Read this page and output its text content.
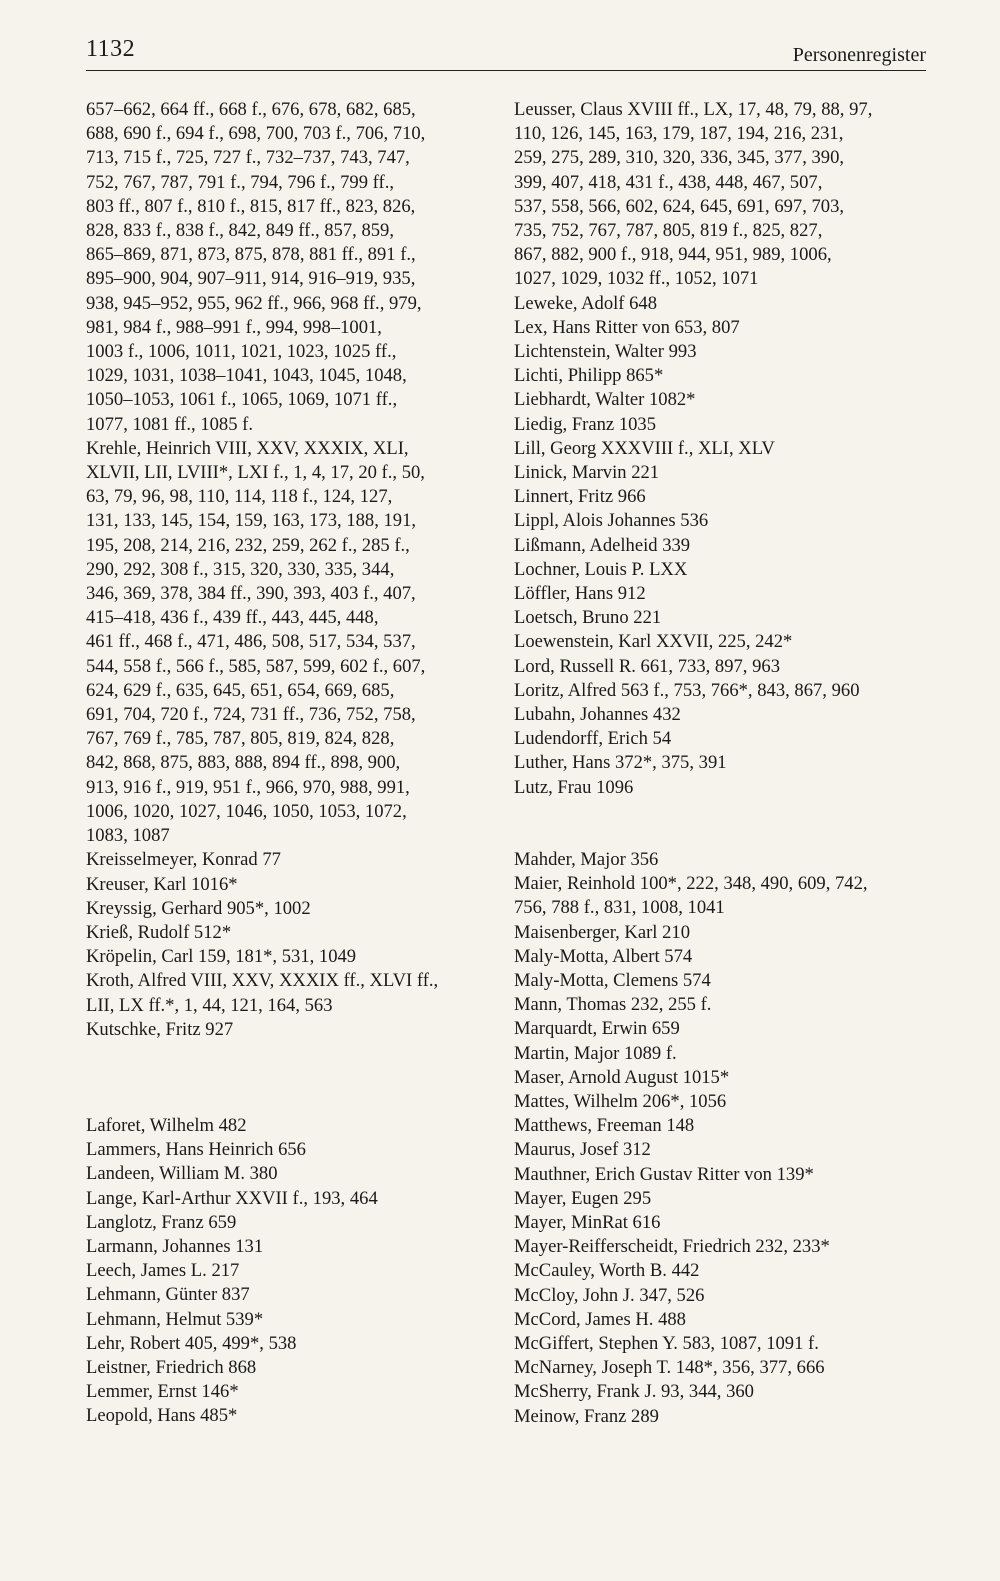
1132	Personenregister

657–662, 664 ff., 668 f., 676, 678, 682, 685,
688, 690 f., 694 f., 698, 700, 703 f., 706, 710,
713, 715 f., 725, 727 f., 732–737, 743, 747,
752, 767, 787, 791 f., 794, 796 f., 799 ff.,
803 ff., 807 f., 810 f., 815, 817 ff., 823, 826,
828, 833 f., 838 f., 842, 849 ff., 857, 859,
865–869, 871, 873, 875, 878, 881 ff., 891 f.,
895–900, 904, 907–911, 914, 916–919, 935,
938, 945–952, 955, 962 ff., 966, 968 ff., 979,
981, 984 f., 988–991 f., 994, 998–1001,
1003 f., 1006, 1011, 1021, 1023, 1025 ff.,
1029, 1031, 1038–1041, 1043, 1045, 1048,
1050–1053, 1061 f., 1065, 1069, 1071 ff.,
1077, 1081 ff., 1085 f.

Krehle, Heinrich VIII, XXV, XXXIX, XLI,
XLVII, LII, LVIII*, LXI f., 1, 4, 17, 20 f., 50,
63, 79, 96, 98, 110, 114, 118 f., 124, 127,
131, 133, 145, 154, 159, 163, 173, 188, 191,
195, 208, 214, 216, 232, 259, 262 f., 285 f.,
290, 292, 308 f., 315, 320, 330, 335, 344,
346, 369, 378, 384 ff., 390, 393, 403 f., 407,
415–418, 436 f., 439 ff., 443, 445, 448,
461 ff., 468 f., 471, 486, 508, 517, 534, 537,
544, 558 f., 566 f., 585, 587, 599, 602 f., 607,
624, 629 f., 635, 645, 651, 654, 669, 685,
691, 704, 720 f., 724, 731 ff., 736, 752, 758,
767, 769 f., 785, 787, 805, 819, 824, 828,
842, 868, 875, 883, 888, 894 ff., 898, 900,
913, 916 f., 919, 951 f., 966, 970, 988, 991,
1006, 1020, 1027, 1046, 1050, 1053, 1072,
1083, 1087

Kreisselmeyer, Konrad 77

Kreuser, Karl 1016*

Kreyssig, Gerhard 905*, 1002

Krieß, Rudolf 512*

Kröpelin, Carl 159, 181*, 531, 1049

Kroth, Alfred VIII, XXV, XXXIX ff., XLVI ff.,
LII, LX ff.*, 1, 44, 121, 164, 563

Kutschke, Fritz 927

Laforet, Wilhelm 482

Lammers, Hans Heinrich 656

Landeen, William M. 380

Lange, Karl-Arthur XXVII f., 193, 464

Langlotz, Franz 659

Larmann, Johannes 131

Leech, James L. 217

Lehmann, Günter 837

Lehmann, Helmut 539*

Lehr, Robert 405, 499*, 538

Leistner, Friedrich 868

Lemmer, Ernst 146*

Leopold, Hans 485*

Leusser, Claus XVIII ff., LX, 17, 48, 79, 88, 97,
110, 126, 145, 163, 179, 187, 194, 216, 231,
259, 275, 289, 310, 320, 336, 345, 377, 390,
399, 407, 418, 431 f., 438, 448, 467, 507,
537, 558, 566, 602, 624, 645, 691, 697, 703,
735, 752, 767, 787, 805, 819 f., 825, 827,
867, 882, 900 f., 918, 944, 951, 989, 1006,
1027, 1029, 1032 ff., 1052, 1071

Leweke, Adolf 648

Lex, Hans Ritter von 653, 807

Lichtenstein, Walter 993

Lichti, Philipp 865*

Liebhardt, Walter 1082*

Liedig, Franz 1035

Lill, Georg XXXVIII f., XLI, XLV

Linick, Marvin 221

Linnert, Fritz 966

Lippl, Alois Johannes 536

Lißmann, Adelheid 339

Lochner, Louis P. LXX

Löffler, Hans 912

Loetsch, Bruno 221

Loewenstein, Karl XXVII, 225, 242*

Lord, Russell R. 661, 733, 897, 963

Loritz, Alfred 563 f., 753, 766*, 843, 867, 960

Lubahn, Johannes 432

Ludendorff, Erich 54

Luther, Hans 372*, 375, 391

Lutz, Frau 1096

Mahder, Major 356

Maier, Reinhold 100*, 222, 348, 490, 609, 742,
756, 788 f., 831, 1008, 1041

Maisenberger, Karl 210

Maly-Motta, Albert 574

Maly-Motta, Clemens 574

Mann, Thomas 232, 255 f.

Marquardt, Erwin 659

Martin, Major 1089 f.

Maser, Arnold August 1015*

Mattes, Wilhelm 206*, 1056

Matthews, Freeman 148

Maurus, Josef 312

Mauthner, Erich Gustav Ritter von 139*

Mayer, Eugen 295

Mayer, MinRat 616

Mayer-Reifferscheidt, Friedrich 232, 233*

McCauley, Worth B. 442

McCloy, John J. 347, 526

McCord, James H. 488

McGiffert, Stephen Y. 583, 1087, 1091 f.

McNarney, Joseph T. 148*, 356, 377, 666

McSherry, Frank J. 93, 344, 360

Meinow, Franz 289
